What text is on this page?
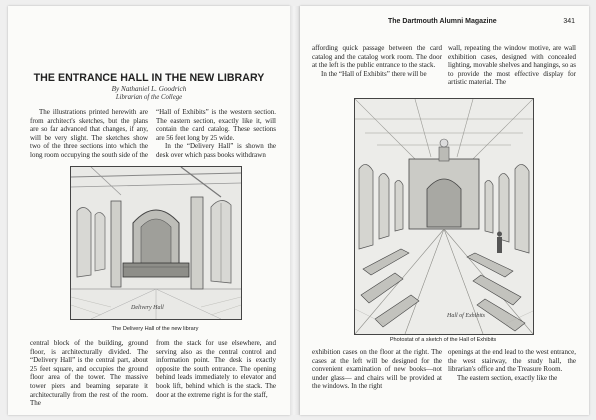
THE ENTRANCE HALL IN THE NEW LIBRARY
By Nathaniel L. Goodrich
Librarian of the College

The illustrations printed herewith are from architect's sketches, but the plans are so far advanced that changes, if any, will be very slight. The sketches show two of the three sections into which the long room occupying the south side of the

“Hall of Exhibits” is the western section. The eastern section, exactly like it, will contain the card catalog. These sections are 56 feet long by 25 wide.

In the “Delivery Hall” is shown the desk over which pass books withdrawn

Delivery Hall
The Delivery Hall of the new library

central block of the building, ground floor, is architecturally divided. The “Delivery Hall” is the central part, about 25 feet square, and occupies the ground floor area of the tower. The massive tower piers and beaming separate it architecturally from the rest of the room. The

from the stack for use elsewhere, and serving also as the central control and information point. The desk is exactly opposite the south entrance. The opening behind leads immediately to elevator and book lift, behind which is the stack. The door at the extreme right is for the staff,

The Dartmouth Alumni Magazine	341

affording quick passage between the card catalog and the catalog work room. The door at the left is the public entrance to the stack.

In the “Hall of Exhibits” there will be

wall, repeating the window motive, are wall exhibition cases, designed with concealed lighting, movable shelves and hangings, so as to provide the most effective display for artistic material. The

Hall of Exhibits
Photostat of a sketch of the Hall of Exhibits

exhibition cases on the floor at the right. The cases at the left will be designed for the convenient examination of new books—not under glass— and chairs will be provided at the windows. In the right

openings at the end lead to the west entrance, the west stairway, the study hall, the librarian's office and the Treasure Room.

The eastern section, exactly like the
